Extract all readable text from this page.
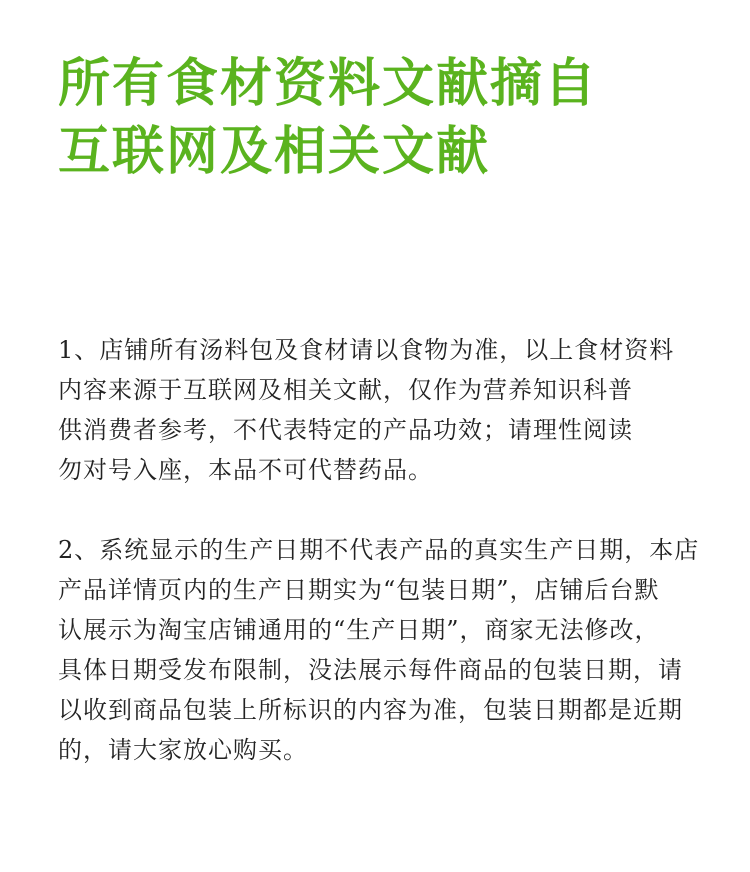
所有食材资料文献摘自
互联网及相关文献
1、店铺所有汤料包及食材请以食物为准，以上食材资料
内容来源于互联网及相关文献，仅作为营养知识科普
供消费者参考，不代表特定的产品功效；请理性阅读
勿对号入座，本品不可代替药品。
2、系统显示的生产日期不代表产品的真实生产日期，本店
产品详情页内的生产日期实为“包装日期”，店铺后台默
认展示为淘宝店铺通用的“生产日期”，商家无法修改，
具体日期受发布限制，没法展示每件商品的包装日期，请
以收到商品包装上所标识的内容为准，包装日期都是近期
的，请大家放心购买。
